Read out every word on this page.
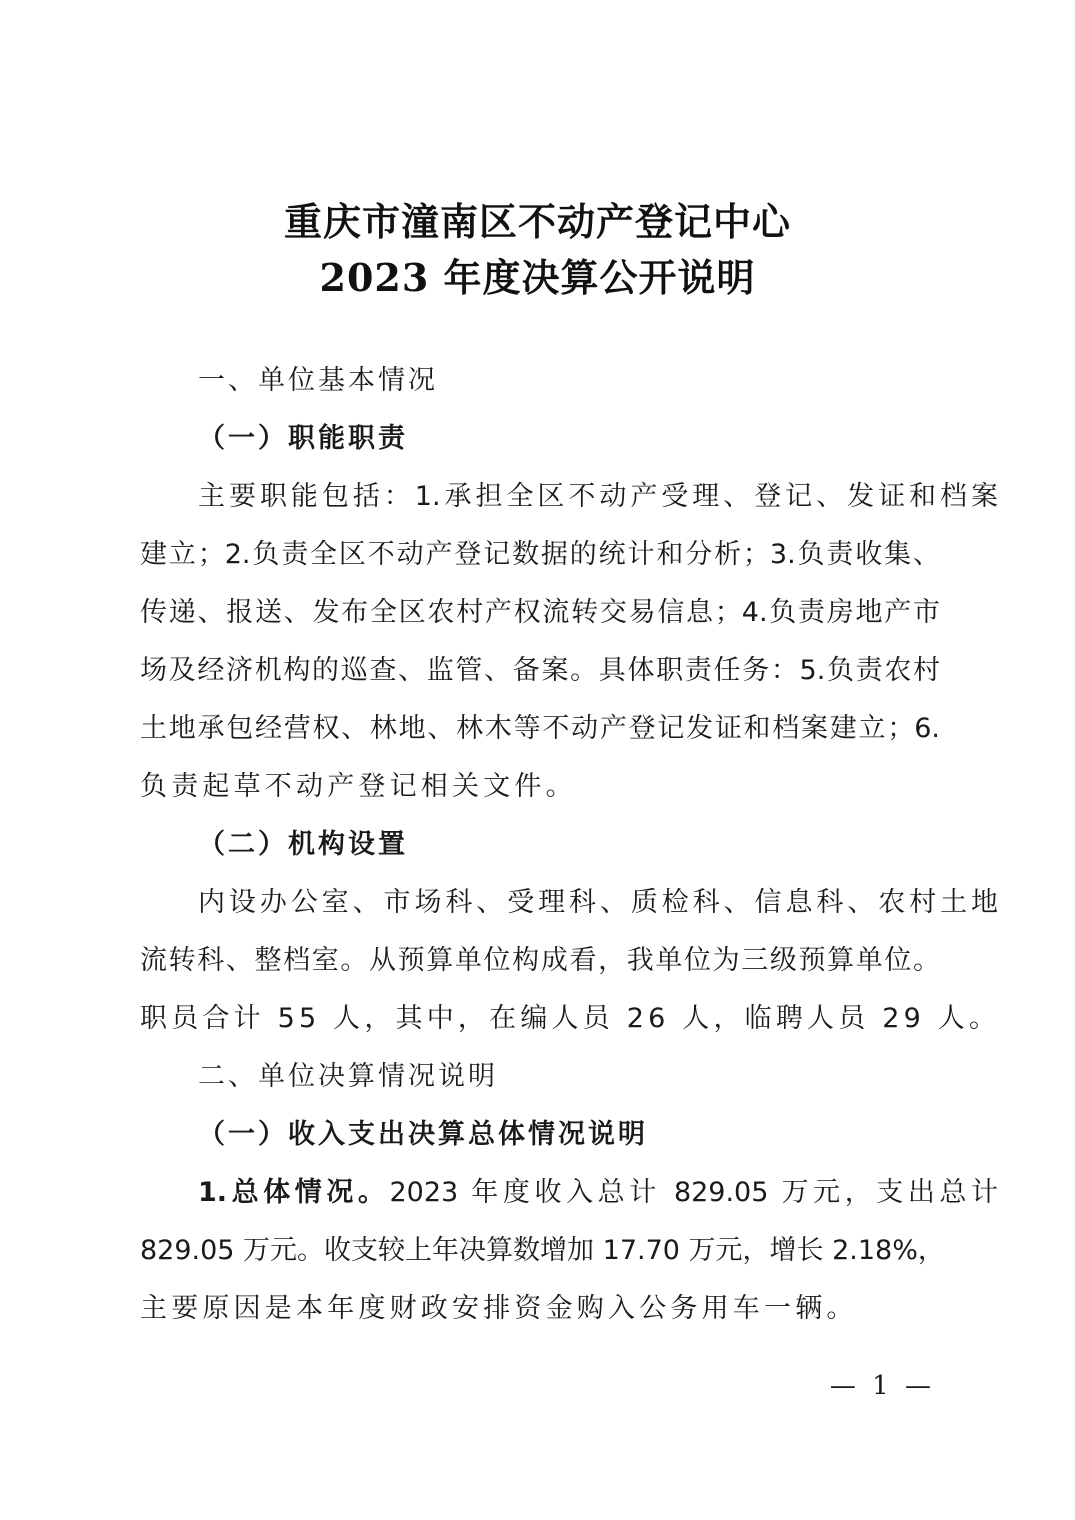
重庆市潼南区不动产登记中心
2023 年度决算公开说明
一、单位基本情况
（一）职能职责
主要职能包括：1.承担全区不动产受理、登记、发证和档案
建立；2.负责全区不动产登记数据的统计和分析；3.负责收集、
传递、报送、发布全区农村产权流转交易信息；4.负责房地产市
场及经济机构的巡查、监管、备案。具体职责任务：5.负责农村
土地承包经营权、林地、林木等不动产登记发证和档案建立；6.
负责起草不动产登记相关文件。
（二）机构设置
内设办公室、市场科、受理科、质检科、信息科、农村土地
流转科、整档室。从预算单位构成看，我单位为三级预算单位。
职员合计 55 人，其中，在编人员 26 人，临聘人员 29 人。
二、单位决算情况说明
（一）收入支出决算总体情况说明
1.总体情况。2023 年度收入总计 829.05 万元，支出总计
829.05 万元。收支较上年决算数增加 17.70 万元，增长 2.18%，
主要原因是本年度财政安排资金购入公务用车一辆。
— 1 —
